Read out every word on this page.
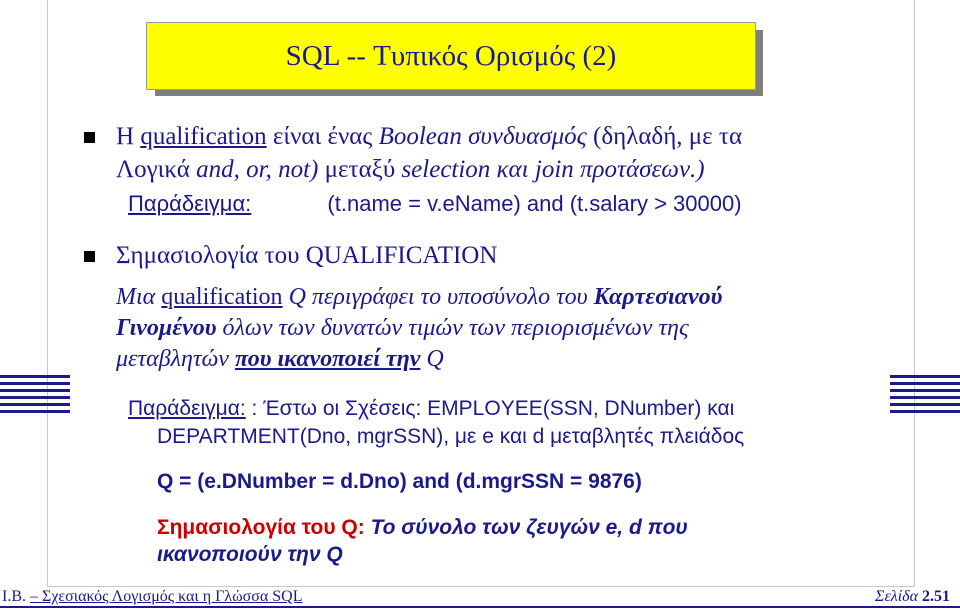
SQL -- Τυπικός Ορισμός (2)
Η qualification είναι ένας Boolean συνδυασμός (δηλαδή, με τα
Λογικά and, or, not) μεταξύ selection και join προτάσεων.)
Παράδειγμα:	(t.name = v.eName) and (t.salary > 30000)
Σημασιολογία του QUALIFICATION
Μια qualification Q περιγράφει το υποσύνολο του Καρτεσιανού
Γινομένου όλων των δυνατών τιμών των περιορισμένων της
μεταβλητών που ικανοποιεί την Q
Παράδειγμα: : Έστω οι Σχέσεις: EMPLOYEE(SSN, DNumber) και
DEPARTMENT(Dno, mgrSSN), με e και d μεταβλητές πλειάδος
Q = (e.DNumber = d.Dno) and (d.mgrSSN = 9876)
Σημασιολογία του Q: Το σύνολο των ζευγών e, d που
ικανοποιούν την Q
I.Β. – Σχεσιακός Λογισμός και η Γλώσσα SQL	Σελίδα 2.51
